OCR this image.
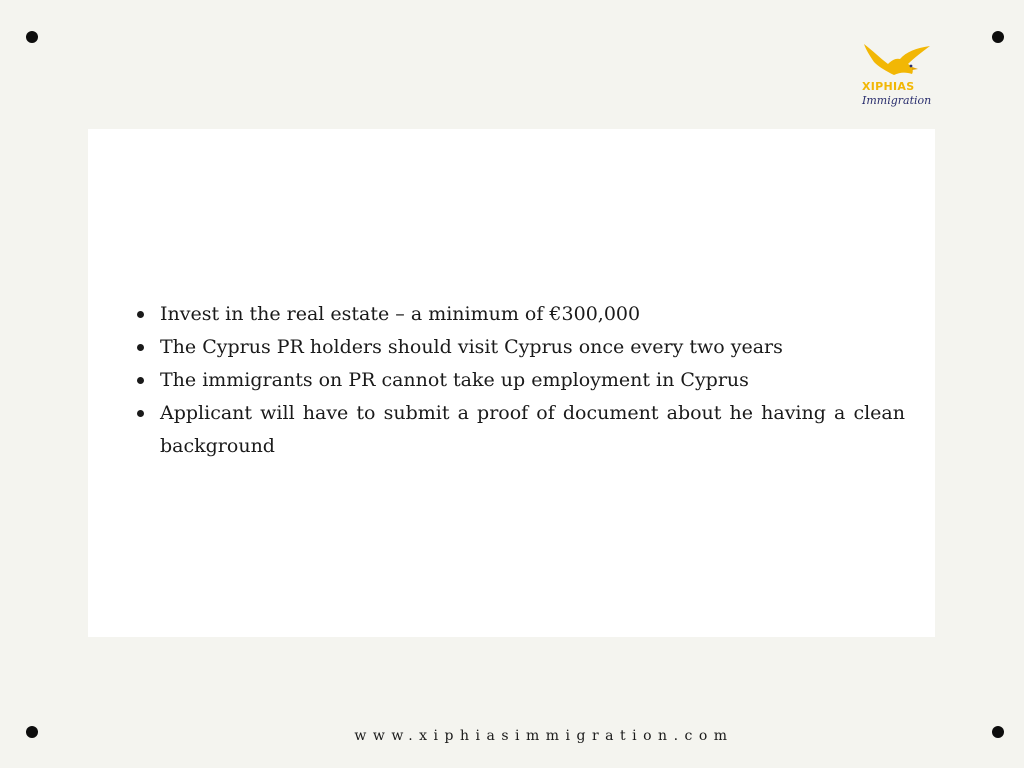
XIPHIAS
Immigration
Invest in the real estate – a minimum of €300,000
The Cyprus PR holders should visit Cyprus once every two years
The immigrants on PR cannot take up employment in Cyprus
Applicant will have to submit a proof of document about he having a clean background
www.xiphiasimmigration.com
